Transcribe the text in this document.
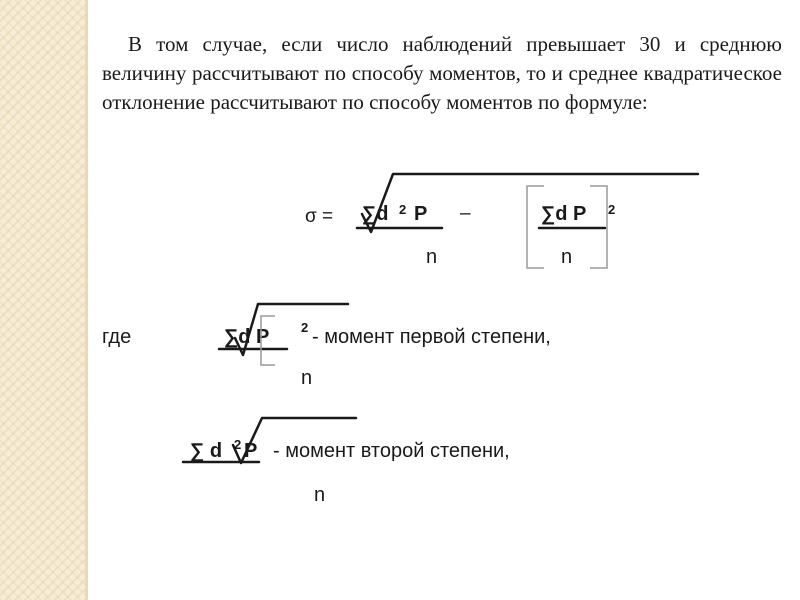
В том случае, если число наблюдений превышает 30 и среднюю величину рассчитывают по способу моментов, то и среднее квадратическое отклонение рассчитывают по способу моментов по формуле:

σ = ∑d 2 P –	∑d P 2
n	n
где	∑d P 2 - момент первой степени,
n
∑ d 2 P - момент второй степени,
n
